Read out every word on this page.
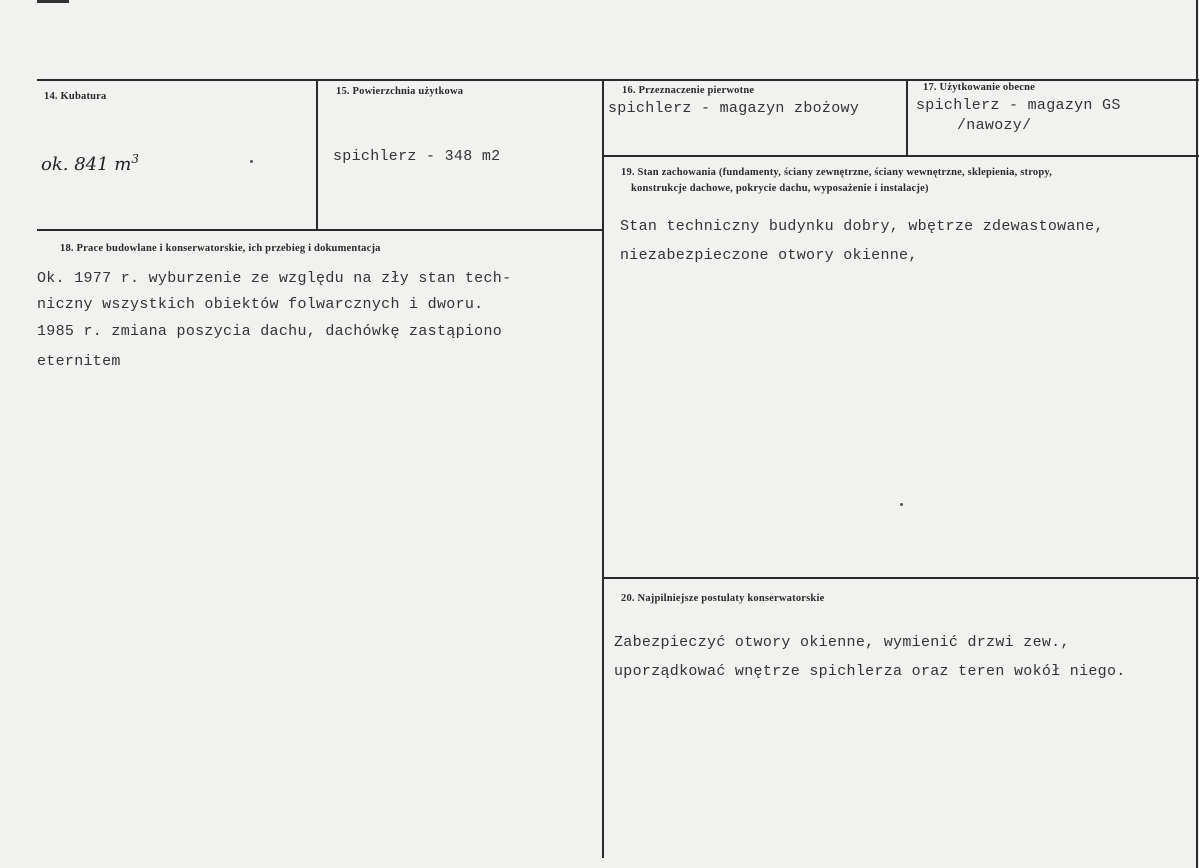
14. Kubatura
ok. 841 $m^3$
15. Powierzchnia użytkowa
spichlerz - 348 m2
16. Przeznaczenie pierwotne
spichlerz - magazyn zbożowy
17. Użytkowanie obecne
spichlerz - magazyn GS
/nawozy/
18. Prace budowlane i konserwatorskie, ich przebieg i dokumentacja
Ok. 1977 r. wyburzenie ze względu na zły stan tech-
niczny wszystkich obiektów folwarcznych i dworu.
1985 r. zmiana poszycia dachu, dachówkę zastąpiono
eternitem
19. Stan zachowania (fundamenty, ściany zewnętrzne, ściany wewnętrzne, sklepienia, stropy,
konstrukcje dachowe, pokrycie dachu, wyposażenie i instalacje)
Stan techniczny budynku dobry, wbętrze zdewastowane,
niezabezpieczone otwory okienne,
20. Najpilniejsze postulaty konserwatorskie
Zabezpieczyć otwory okienne, wymienić drzwi zew.,
uporządkować wnętrze spichlerza oraz teren wokół niego.
